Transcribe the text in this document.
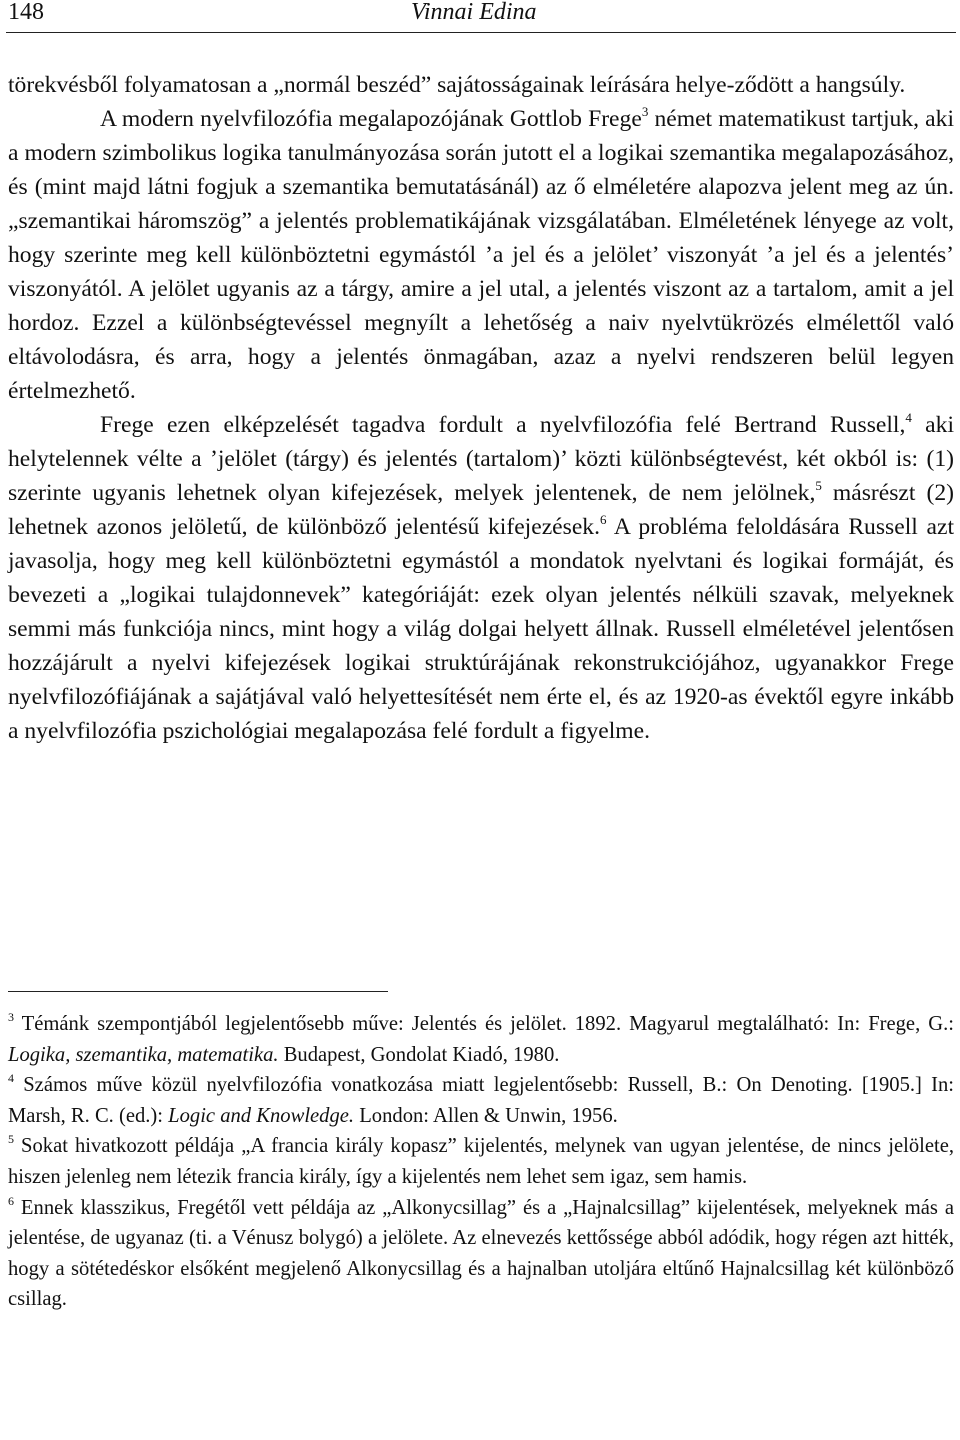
148	Vinnai Edina

törekvésből folyamatosan a „normál beszéd” sajátosságainak leírására helye-ződött a hangsúly.

A modern nyelvfilozófia megalapozójának Gottlob Frege$^3$ német matematikust tartjuk, aki a modern szimbolikus logika tanulmányozása során jutott el a logikai szemantika megalapozásához, és (mint majd látni fogjuk a szemantika bemutatásánál) az ő elméletére alapozva jelent meg az ún. „szemantikai háromszög” a jelentés problematikájának vizsgálatában. Elméletének lényege az volt, hogy szerinte meg kell különböztetni egymástól ’a jel és a jelölet’ viszonyát ’a jel és a jelentés’ viszonyától. A jelölet ugyanis az a tárgy, amire a jel utal, a jelentés viszont az a tartalom, amit a jel hordoz. Ezzel a különbségtevéssel megnyílt a lehetőség a naiv nyelvtükrözés elmélettől való eltávolodásra, és arra, hogy a jelentés önmagában, azaz a nyelvi rendszeren belül legyen értelmezhető.

Frege ezen elképzelését tagadva fordult a nyelvfilozófia felé Bertrand Russell,$^4$ aki helytelennek vélte a ’jelölet (tárgy) és jelentés (tartalom)’ közti különbségtevést, két okból is: (1) szerinte ugyanis lehetnek olyan kifejezések, melyek jelentenek, de nem jelölnek,$^5$ másrészt (2) lehetnek azonos jelöletű, de különböző jelentésű kifejezések.$^6$ A probléma feloldására Russell azt javasolja, hogy meg kell különböztetni egymástól a mondatok nyelvtani és logikai formáját, és bevezeti a „logikai tulajdonnevek” kategóriáját: ezek olyan jelentés nélküli szavak, melyeknek semmi más funkciója nincs, mint hogy a világ dolgai helyett állnak. Russell elméletével jelentősen hozzájárult a nyelvi kifejezések logikai struktúrájának rekonstrukciójához, ugyanakkor Frege nyelvfilozófiájának a sajátjával való helyettesítését nem érte el, és az 1920-as évektől egyre inkább a nyelvfilozófia pszichológiai megalapozása felé fordult a figyelme.

$^3$ Témánk szempontjából legjelentősebb műve: Jelentés és jelölet. 1892. Magyarul megtalálható: In: Frege, G.: Logika, szemantika, matematika. Budapest, Gondolat Kiadó, 1980.

$^4$ Számos műve közül nyelvfilozófia vonatkozása miatt legjelentősebb: Russell, B.: On Denoting. [1905.] In: Marsh, R. C. (ed.): Logic and Knowledge. London: Allen & Unwin, 1956.

$^5$ Sokat hivatkozott példája „A francia király kopasz” kijelentés, melynek van ugyan jelentése, de nincs jelölete, hiszen jelenleg nem létezik francia király, így a kijelentés nem lehet sem igaz, sem hamis.

$^6$ Ennek klasszikus, Fregétől vett példája az „Alkonycsillag” és a „Hajnalcsillag” kijelentések, melyeknek más a jelentése, de ugyanaz (ti. a Vénusz bolygó) a jelölete. Az elnevezés kettőssége abból adódik, hogy régen azt hitték, hogy a sötétedéskor elsőként megjelenő Alkonycsillag és a hajnalban utoljára eltűnő Hajnalcsillag két különböző csillag.
